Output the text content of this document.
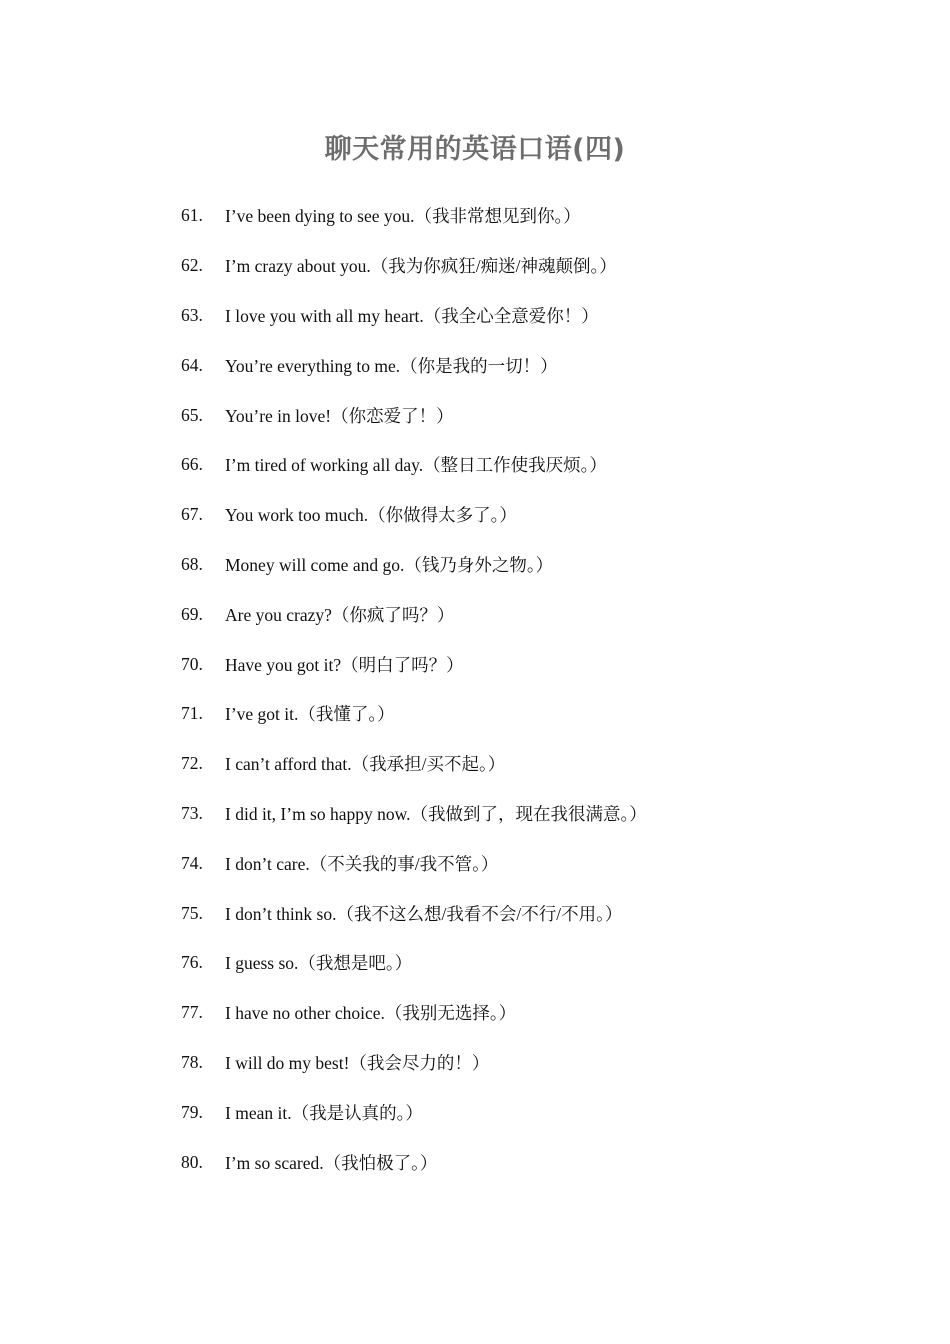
聊天常用的英语口语(四)
61.	I’ve been dying to see you.（我非常想见到你。）
62.	I’m crazy about you.（我为你疯狂/痴迷/神魂颠倒。）
63.	I love you with all my heart.（我全心全意爱你！）
64.	You’re everything to me.（你是我的一切！）
65.	You’re in love!（你恋爱了！）
66.	I’m tired of working all day.（整日工作使我厌烦。）
67.	You work too much.（你做得太多了。）
68.	Money will come and go.（钱乃身外之物。）
69.	Are you crazy?（你疯了吗？）
70.	Have you got it?（明白了吗？）
71.	I’ve got it.（我懂了。）
72.	I can’t afford that.（我承担/买不起。）
73.	I did it, I’m so happy now.（我做到了，现在我很满意。）
74.	I don’t care.（不关我的事/我不管。）
75.	I don’t think so.（我不这么想/我看不会/不行/不用。）
76.	I guess so.（我想是吧。）
77.	I have no other choice.（我别无选择。）
78.	I will do my best!（我会尽力的！）
79.	I mean it.（我是认真的。）
80.	I’m so scared.（我怕极了。）
